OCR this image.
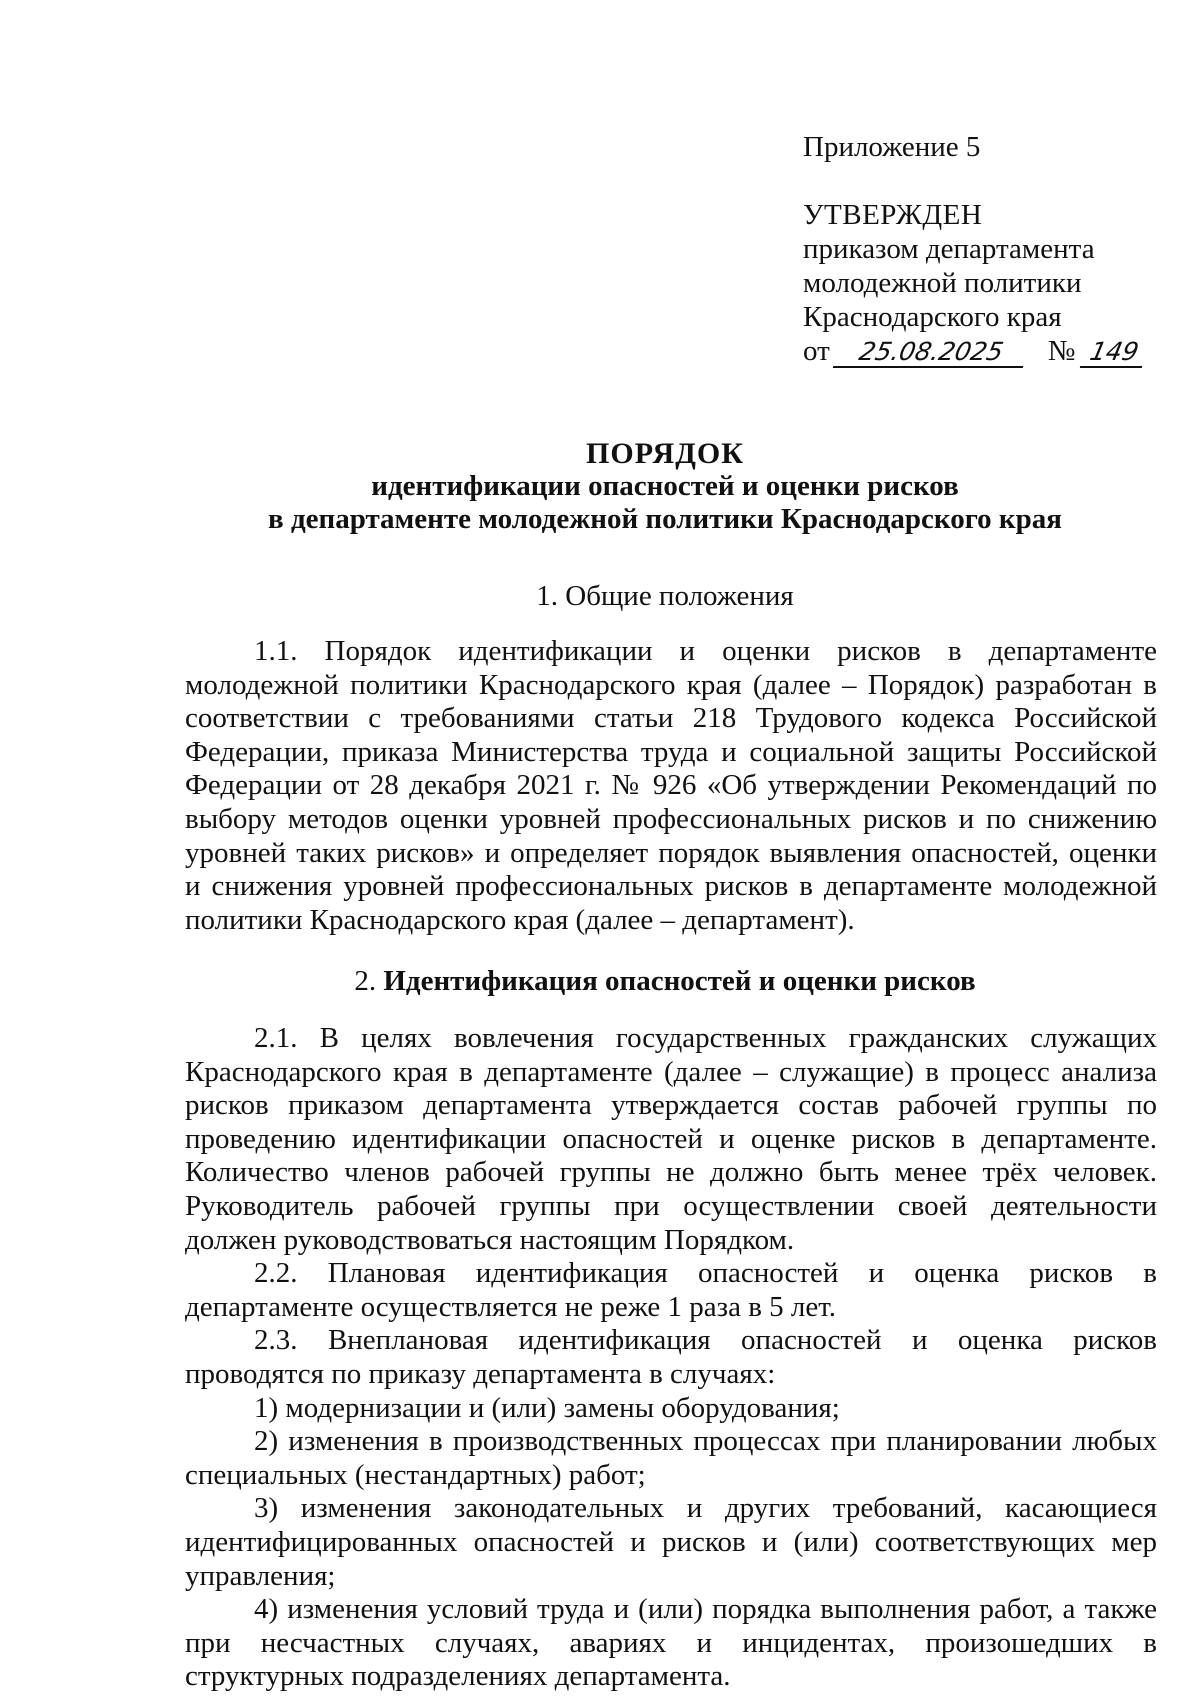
Приложение 5
УТВЕРЖДЕН
приказом департамента
молодежной политики
Краснодарского края
от 25.08.2025 № 149
ПОРЯДОК
идентификации опасностей и оценки рисков
в департаменте молодежной политики Краснодарского края
1. Общие положения

1.1. Порядок идентификации и оценки рисков в департаменте молодежной политики Краснодарского края (далее – Порядок) разработан в соответствии с требованиями статьи 218 Трудового кодекса Российской Федерации, приказа Министерства труда и социальной защиты Российской Федерации от 28 декабря 2021 г. № 926 «Об утверждении Рекомендаций по выбору методов оценки уровней профессиональных рисков и по снижению уровней таких рисков» и определяет порядок выявления опасностей, оценки и снижения уровней профессиональных рисков в департаменте молодежной политики Краснодарского края (далее – департамент).

2. Идентификация опасностей и оценки рисков

2.1. В целях вовлечения государственных гражданских служащих Краснодарского края в департаменте (далее – служащие) в процесс анализа рисков приказом департамента утверждается состав рабочей группы по проведению идентификации опасностей и оценке рисков в департаменте. Количество членов рабочей группы не должно быть менее трёх человек. Руководитель рабочей группы при осуществлении своей деятельности должен руководствоваться настоящим Порядком.

2.2. Плановая идентификация опасностей и оценка рисков в департаменте осуществляется не реже 1 раза в 5 лет.

2.3. Внеплановая идентификация опасностей и оценка рисков проводятся по приказу департамента в случаях:

1) модернизации и (или) замены оборудования;

2) изменения в производственных процессах при планировании любых специальных (нестандартных) работ;

3) изменения законодательных и других требований, касающиеся идентифицированных опасностей и рисков и (или) соответствующих мер управления;

4) изменения условий труда и (или) порядка выполнения работ, а также при несчастных случаях, авариях и инцидентах, произошедших в структурных подразделениях департамента.
